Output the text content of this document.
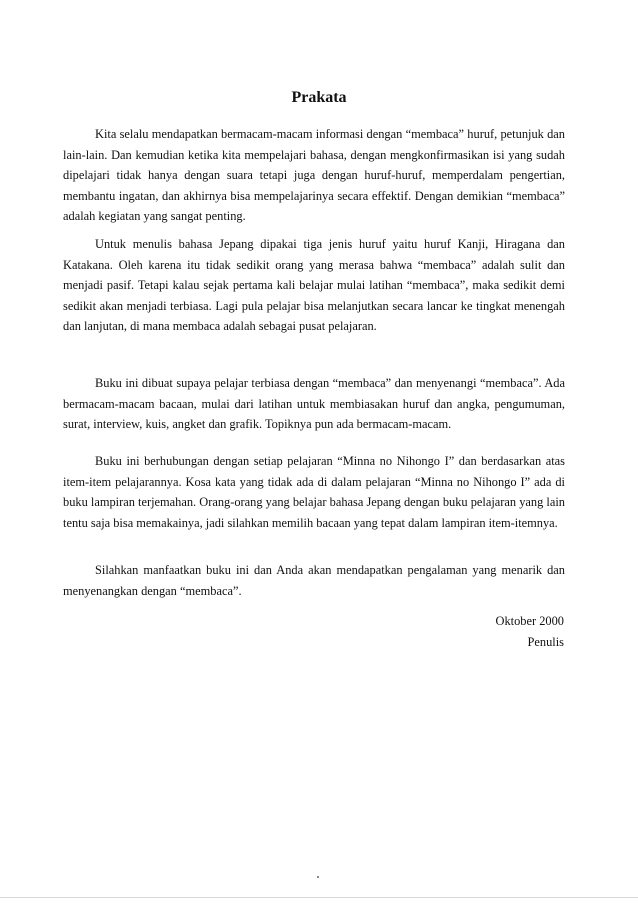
Prakata

Kita selalu mendapatkan bermacam-macam informasi dengan “membaca” huruf, petunjuk dan lain-lain. Dan kemudian ketika kita mempelajari bahasa, dengan mengkonfirmasikan isi yang sudah dipelajari tidak hanya dengan suara tetapi juga dengan huruf-huruf, memperdalam pengertian, membantu ingatan, dan akhirnya bisa mempelajarinya secara effektif. Dengan demikian “membaca” adalah kegiatan yang sangat penting.

Untuk menulis bahasa Jepang dipakai tiga jenis huruf yaitu huruf Kanji, Hiragana dan Katakana. Oleh karena itu tidak sedikit orang yang merasa bahwa “membaca” adalah sulit dan menjadi pasif. Tetapi kalau sejak pertama kali belajar mulai latihan “membaca”, maka sedikit demi sedikit akan menjadi terbiasa. Lagi pula pelajar bisa melanjutkan secara lancar ke tingkat menengah dan lanjutan, di mana membaca adalah sebagai pusat pelajaran.

Buku ini dibuat supaya pelajar terbiasa dengan “membaca” dan menyenangi “membaca”. Ada bermacam-macam bacaan, mulai dari latihan untuk membiasakan huruf dan angka, pengumuman, surat, interview, kuis, angket dan grafik. Topiknya pun ada bermacam-macam.

Buku ini berhubungan dengan setiap pelajaran “Minna no Nihongo I” dan berdasarkan atas item-item pelajarannya. Kosa kata yang tidak ada di dalam pelajaran “Minna no Nihongo I” ada di buku lampiran terjemahan. Orang-orang yang belajar bahasa Jepang dengan buku pelajaran yang lain tentu saja bisa memakainya, jadi silahkan memilih bacaan yang tepat dalam lampiran item-itemnya.

Silahkan manfaatkan buku ini dan Anda akan mendapatkan pengalaman yang menarik dan menyenangkan dengan “membaca”.

Oktober 2000
Penulis
